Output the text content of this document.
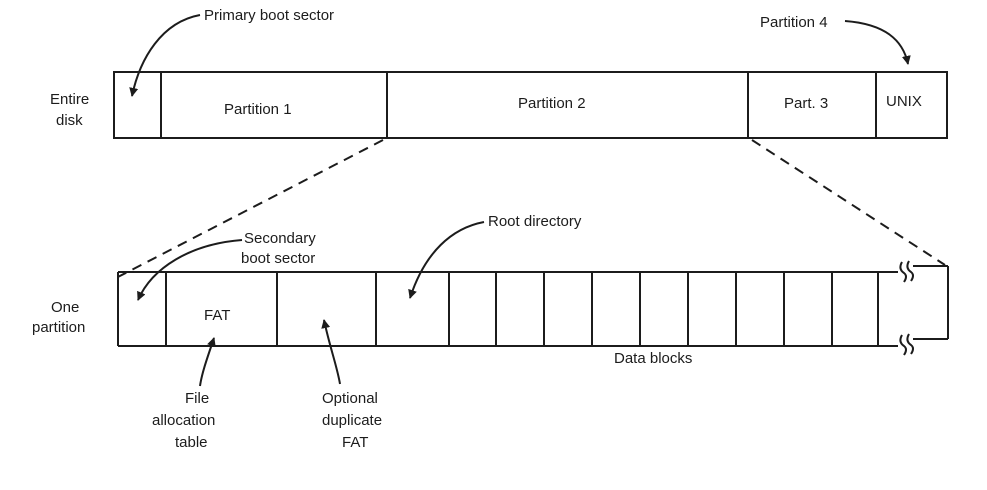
Entire
disk
Partition 1	Partition 2	Part. 3	UNIX
Primary boot sector	Partition 4
One
partition
FAT
Secondary
boot sector
Root directory
Data blocks
File
allocation
table
Optional
duplicate
FAT
